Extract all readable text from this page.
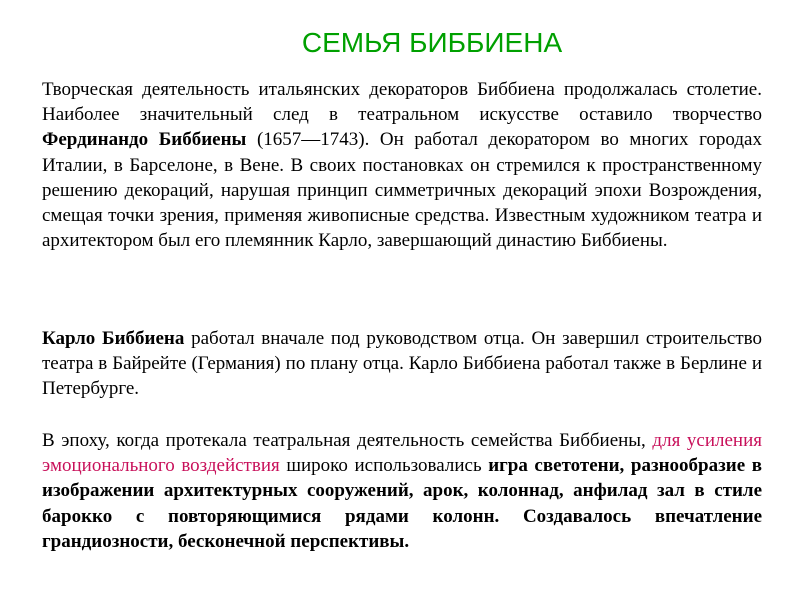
СЕМЬЯ БИББИЕНА

Творческая деятельность итальянских декораторов Биббиена продолжалась столетие. Наиболее значительный след в театральном искусстве оставило творчество Фердинандо Биббиены (1657—1743). Он работал декоратором во многих городах Италии, в Барселоне, в Вене. В своих постановках он стремился к пространственному решению декораций, нарушая принцип симметричных декораций эпохи Возрождения, смещая точки зрения, применяя живописные средства. Известным художником театра и архитектором был его племянник Карло, завершающий династию Биббиены.

Карло Биббиена работал вначале под руководством отца. Он завершил строительство театра в Байрейте (Германия) по плану отца. Карло Биббиена работал также в Берлине и Петербурге.

В эпоху, когда протекала театральная деятельность семейства Биббиены, для усиления эмоционального воздействия широко использовались игра светотени, разнообразие в изображении архитектурных сооружений, арок, колоннад, анфилад зал в стиле барокко с повторяющимися рядами колонн. Создавалось впечатление грандиозности, бесконечной перспективы.
